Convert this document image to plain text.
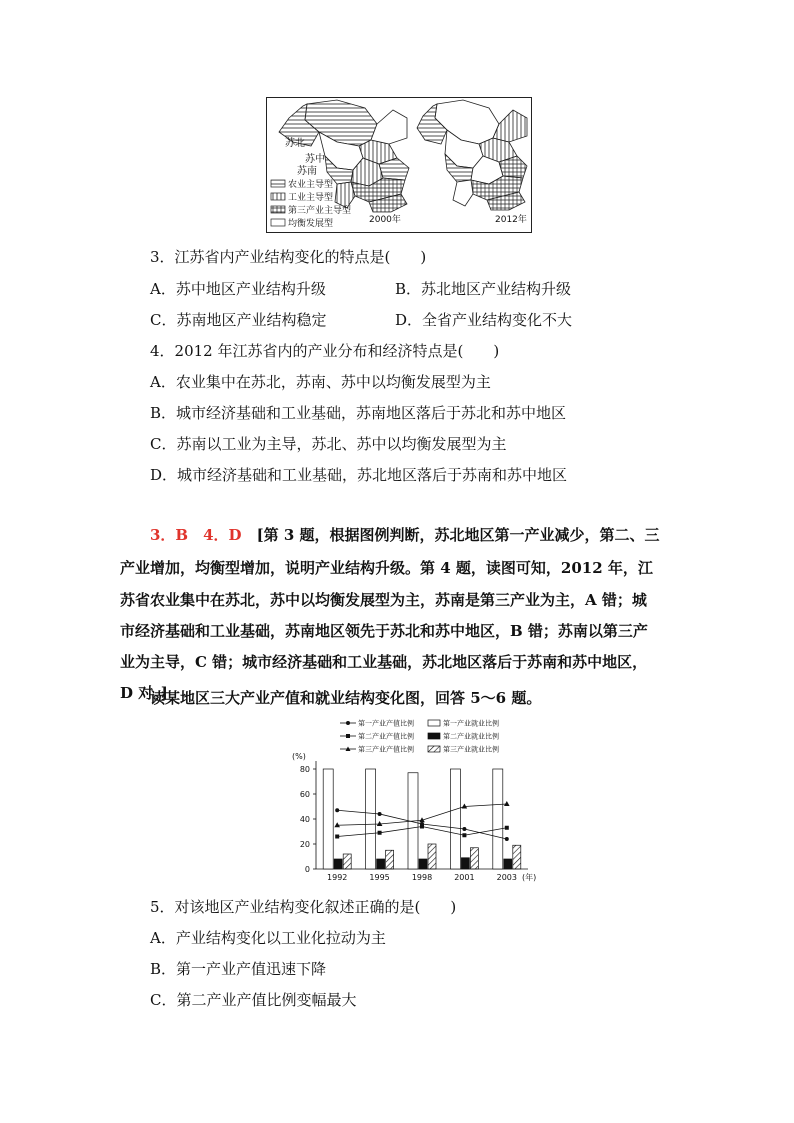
苏北
苏中
苏南
农业主导型
工业主导型
第三产业主导型
均衡发展型	2000年	2012年
3．江苏省内产业结构变化的特点是(　　)
A．苏中地区产业结构升级	B．苏北地区产业结构升级
C．苏南地区产业结构稳定	D．全省产业结构变化不大
4．2012 年江苏省内的产业分布和经济特点是(　　)
A．农业集中在苏北，苏南、苏中以均衡发展型为主
B．城市经济基础和工业基础，苏南地区落后于苏北和苏中地区
C．苏南以工业为主导，苏北、苏中以均衡发展型为主
D．城市经济基础和工业基础，苏北地区落后于苏南和苏中地区
3．B　4．D　 [第 3 题，根据图例判断，苏北地区第一产业减少，第二、三
产业增加，均衡型增加，说明产业结构升级。第 4 题，读图可知，2012 年，江
苏省农业集中在苏北，苏中以均衡发展型为主，苏南是第三产业为主，A 错；城
市经济基础和工业基础，苏南地区领先于苏北和苏中地区，B 错；苏南以第三产
业为主导，C 错；城市经济基础和工业基础，苏北地区落后于苏南和苏中地区，
D 对。]
读某地区三大产业产值和就业结构变化图，回答 5～6 题。
第一产业产值比例	第一产业就业比例
第二产业产值比例	第二产业就业比例
第三产业产值比例	第三产业就业比例
(%)
0
20
40
60
80
1992	1995	1998	2001	2003 (年)
5．对该地区产业结构变化叙述正确的是(　　)
A．产业结构变化以工业化拉动为主
B．第一产业产值迅速下降
C．第二产业产值比例变幅最大
